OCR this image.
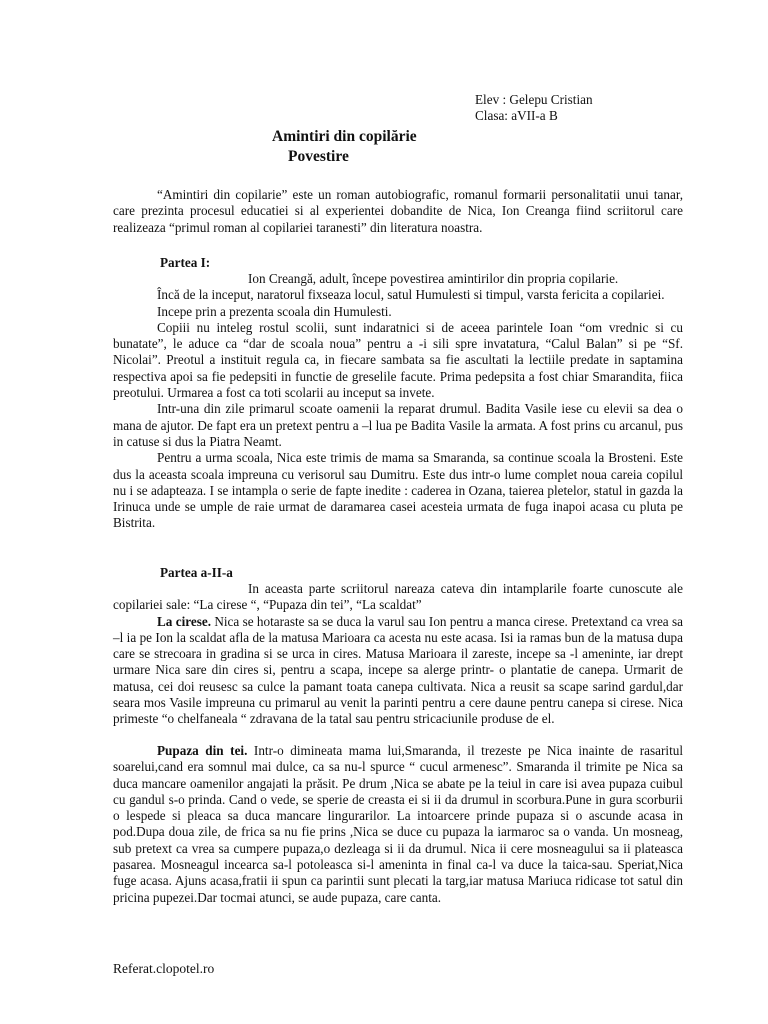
Elev : Gelepu Cristian
Clasa: aVII-a B
Amintiri din copilărie
Povestire

“Amintiri din copilarie” este un roman autobiografic, romanul formarii personalitatii unui tanar, care prezinta procesul educatiei si al experientei dobandite de Nica, Ion Creanga fiind scriitorul care realizeaza “primul roman al copilariei taranesti” din literatura noastra.

Partea I:

Ion Creangă, adult, începe povestirea amintirilor din propria copilarie.

Încă de la inceput, naratorul fixseaza locul, satul Humulesti si timpul, varsta fericita a copilariei.

Incepe prin a prezenta scoala din Humulesti.

Copiii nu inteleg rostul scolii, sunt indaratnici si de aceea parintele Ioan “om vrednic si cu bunatate”, le aduce ca “dar de scoala noua” pentru a -i sili spre invatatura, “Calul Balan” si pe “Sf. Nicolai”. Preotul a instituit regula ca, in fiecare sambata sa fie ascultati la lectiile predate in saptamina respectiva apoi sa fie pedepsiti in functie de greselile facute. Prima pedepsita a fost chiar Smarandita, fiica preotului. Urmarea a fost ca toti scolarii au inceput sa invete.

Intr-una din zile primarul scoate oamenii la reparat drumul. Badita Vasile iese cu elevii sa dea o mana de ajutor. De fapt era un pretext pentru a –l lua pe Badita Vasile la armata. A fost prins cu arcanul, pus in catuse si dus la Piatra Neamt.

Pentru a urma scoala, Nica este trimis de mama sa Smaranda, sa continue scoala la Brosteni. Este dus la aceasta scoala impreuna cu verisorul sau Dumitru. Este dus intr-o lume complet noua careia copilul nu i se adapteaza. I se intampla o serie de fapte inedite : caderea in Ozana, taierea pletelor, statul in gazda la Irinuca unde se umple de raie urmat de daramarea casei acesteia urmata de fuga inapoi acasa cu pluta pe Bistrita.

Partea a-II-a

In aceasta parte scriitorul nareaza cateva din intamplarile foarte cunoscute ale copilariei sale: “La cirese “, “Pupaza din tei”, “La scaldat”

La cirese. Nica se hotaraste sa se duca la varul sau Ion pentru a manca cirese. Pretextand ca vrea sa –l ia pe Ion la scaldat afla de la matusa Marioara ca acesta nu este acasa. Isi ia ramas bun de la matusa dupa care se strecoara in gradina si se urca in cires. Matusa Marioara il zareste, incepe sa -l ameninte, iar drept urmare Nica sare din cires si, pentru a scapa, incepe sa alerge printr- o plantatie de canepa. Urmarit de matusa, cei doi reusesc sa culce la pamant toata canepa cultivata. Nica a reusit sa scape sarind gardul,dar seara mos Vasile impreuna cu primarul au venit la parinti pentru a cere daune pentru canepa si cirese. Nica primeste “o chelfaneala “ zdravana de la tatal sau pentru stricaciunile produse de el.

Pupaza din tei. Intr-o dimineata mama lui,Smaranda, il trezeste pe Nica inainte de rasaritul soarelui,cand era somnul mai dulce, ca sa nu-l spurce “ cucul armenesc”. Smaranda il trimite pe Nica sa duca mancare oamenilor angajati la prăsit. Pe drum ,Nica se abate pe la teiul in care isi avea pupaza cuibul cu gandul s-o prinda. Cand o vede, se sperie de creasta ei si ii da drumul in scorbura.Pune in gura scorburii o lespede si pleaca sa duca mancare lingurarilor. La intoarcere prinde pupaza si o ascunde acasa in pod.Dupa doua zile, de frica sa nu fie prins ,Nica se duce cu pupaza la iarmaroc sa o vanda. Un mosneag, sub pretext ca vrea sa cumpere pupaza,o dezleaga si ii da drumul. Nica ii cere mosneagului sa ii plateasca pasarea. Mosneagul incearca sa-l potoleasca si-l ameninta in final ca-l va duce la taica-sau. Speriat,Nica fuge acasa. Ajuns acasa,fratii ii spun ca parintii sunt plecati la targ,iar matusa Mariuca ridicase tot satul din pricina pupezei.Dar tocmai atunci, se aude pupaza, care canta.

Referat.clopotel.ro
